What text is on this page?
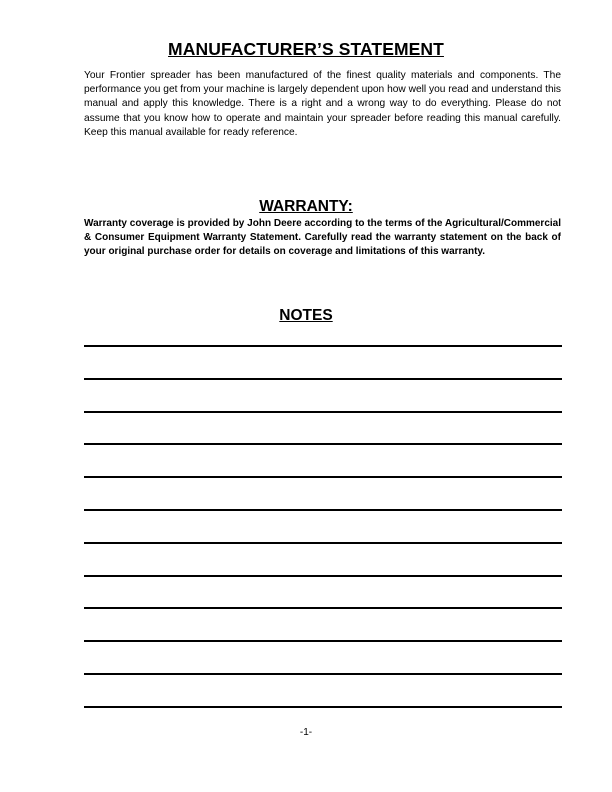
MANUFACTURER’S STATEMENT

Your Frontier spreader has been manufactured of the finest quality materials and components. The performance you get from your machine is largely dependent upon how well you read and understand this manual and apply this knowledge. There is a right and a wrong way to do everything. Please do not assume that you know how to operate and maintain your spreader before reading this manual carefully. Keep this manual available for ready reference.

WARRANTY:

Warranty coverage is provided by John Deere according to the terms of the Agricultural/Commercial & Consumer Equipment Warranty Statement. Carefully read the warranty statement on the back of your original purchase order for details on coverage and limitations of this warranty.

NOTES

-1-
